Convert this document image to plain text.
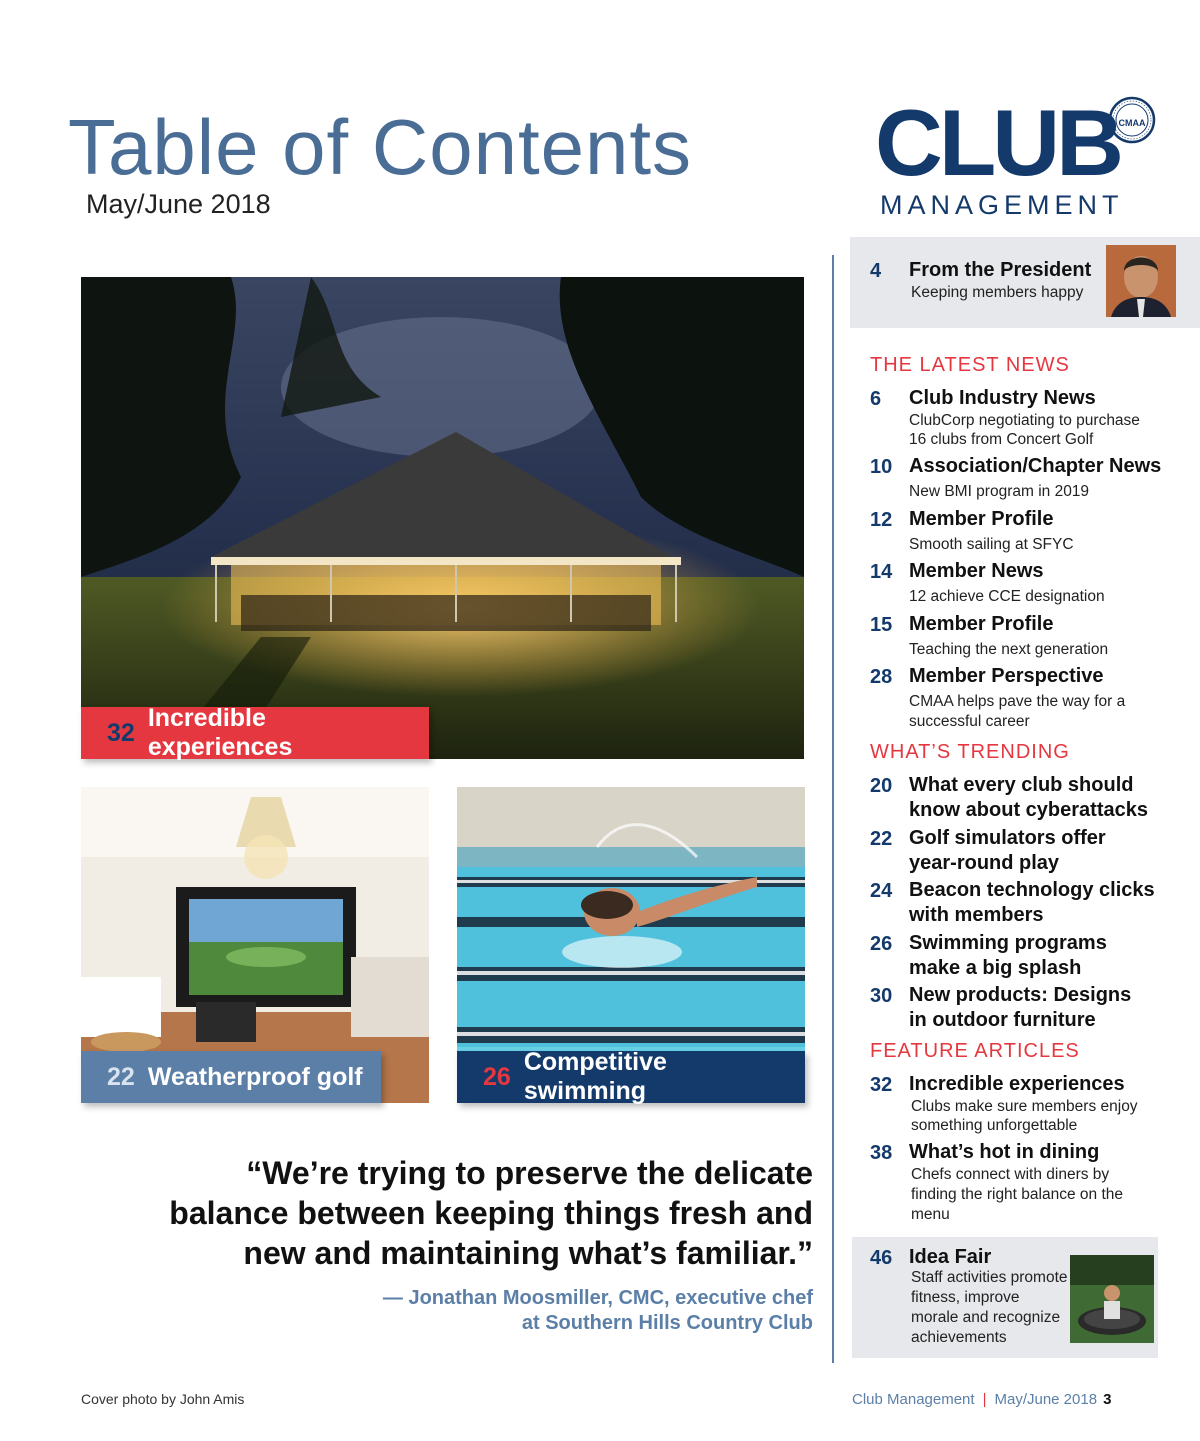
Table of Contents
May/June 2018
CLUB
MANAGEMENT
CMAA
32
Incredible experiences
22 Weatherproof golf	26
Competitive swimming

“We’re trying to preserve the delicate balance between keeping things fresh and new and maintaining what’s familiar.”

— Jonathan Moosmiller, CMC, executive chef
at Southern Hills Country Club
4 From the President
Keeping members happy
THE LATEST NEWS
6 Club Industry News
ClubCorp negotiating to purchase
16 clubs from Concert Golf
10 Association/Chapter News
New BMI program in 2019
12 Member Profile
Smooth sailing at SFYC
14 Member News
12 achieve CCE designation
15 Member Profile
Teaching the next generation
28 Member Perspective
CMAA helps pave the way for a
successful career
WHAT’S TRENDING
20 What every club should
know about cyberattacks
22 Golf simulators offer
year-round play
24 Beacon technology clicks
with members
26 Swimming programs
make a big splash
30 New products: Designs
in outdoor furniture
FEATURE ARTICLES
32 Incredible experiences
Clubs make sure members enjoy
something unforgettable
38 What’s hot in dining
Chefs connect with diners by
finding the right balance on the
menu
46 Idea Fair
Staff activities promote
fitness, improve
morale and recognize
achievements
Cover photo by John Amis	Club Management | May/June 2018 3
